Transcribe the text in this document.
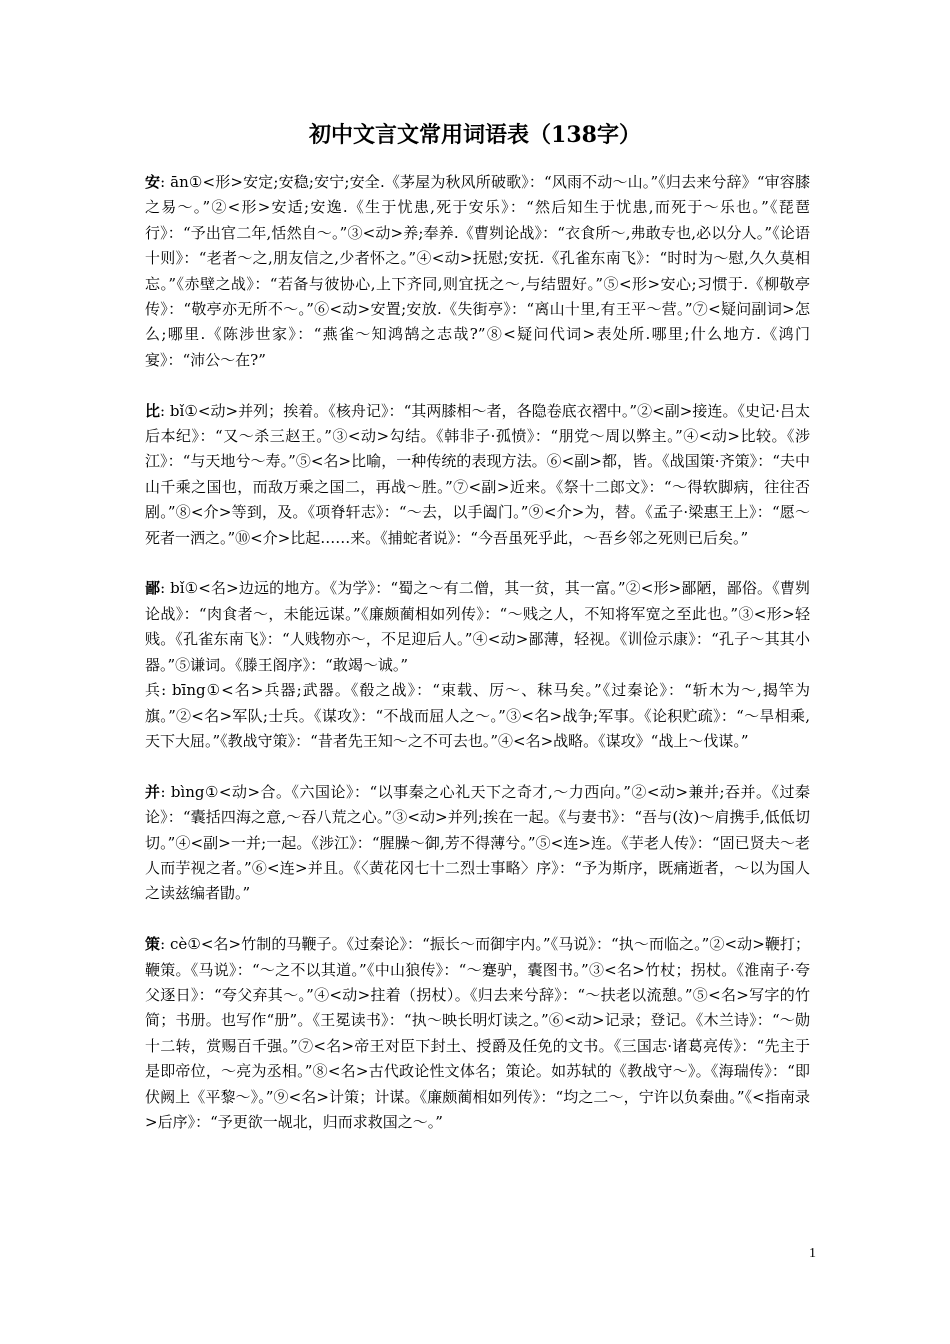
初中文言文常用词语表（138字）

安: ān①<形>安定;安稳;安宁;安全.《茅屋为秋风所破歌》：“风雨不动～山。”《归去来兮辞》“审容膝之易～。”②<形>安适;安逸.《生于忧患,死于安乐》：“然后知生于忧患,而死于～乐也。”《琵琶行》：“予出官二年,恬然自～。”③<动>养;奉养.《曹刿论战》：“衣食所～,弗敢专也,必以分人。”《论语十则》：“老者～之,朋友信之,少者怀之。”④<动>抚慰;安抚.《孔雀东南飞》：“时时为～慰,久久莫相忘。”《赤壁之战》：“若备与彼协心,上下齐同,则宜抚之～,与结盟好。”⑤<形>安心;习惯于.《柳敬亭传》：“敬亭亦无所不～。”⑥<动>安置;安放.《失街亭》：“离山十里,有王平～营。”⑦<疑问副词>怎么;哪里.《陈涉世家》：“燕雀～知鸿鹄之志哉?”⑧<疑问代词>表处所.哪里;什么地方.《鸿门宴》：“沛公～在?”

比: bǐ①<动>并列；挨着。《核舟记》：“其两膝相～者，各隐卷底衣褶中。”②<副>接连。《史记·吕太后本纪》：“又～杀三赵王。”③<动>勾结。《韩非子·孤愤》：“朋党～周以弊主。”④<动>比较。《涉江》：“与天地兮～寿。”⑤<名>比喻，一种传统的表现方法。⑥<副>都，皆。《战国策·齐策》：“夫中山千乘之国也，而敌万乘之国二，再战～胜。”⑦<副>近来。《祭十二郎文》：“～得软脚病，往往否剧。”⑧<介>等到，及。《项脊轩志》：“～去，以手阖门。”⑨<介>为，替。《孟子·梁惠王上》：“愿～死者一洒之。”⑩<介>比起……来。《捕蛇者说》：“今吾虽死乎此，～吾乡邻之死则已后矣。”

鄙: bǐ①<名>边远的地方。《为学》：“蜀之～有二僧，其一贫，其一富。”②<形>鄙陋，鄙俗。《曹刿论战》：“肉食者～，未能远谋。”《廉颇蔺相如列传》：“～贱之人，不知将军宽之至此也。”③<形>轻贱。《孔雀东南飞》：“人贱物亦～，不足迎后人。”④<动>鄙薄，轻视。《训俭示康》：“孔子～其其小器。”⑤谦词。《滕王阁序》：“敢竭～诚。”

兵: bīng①<名>兵器;武器。《殽之战》：“束载、厉～、秣马矣。”《过秦论》：“斩木为～,揭竿为旗。”②<名>军队;士兵。《谋攻》：“不战而屈人之～。”③<名>战争;军事。《论积贮疏》：“～旱相乘,天下大屈。”《教战守策》：“昔者先王知～之不可去也。”④<名>战略。《谋攻》“战上～伐谋。”

并: bìng①<动>合。《六国论》：“以事秦之心礼天下之奇才,～力西向。”②<动>兼并;吞并。《过秦论》：“囊括四海之意,～吞八荒之心。”③<动>并列;挨在一起。《与妻书》：“吾与(汝)～肩携手,低低切切。”④<副>一并;一起。《涉江》：“腥臊～御,芳不得薄兮。”⑤<连>连。《芋老人传》：“固已贤夫～老人而芋视之者。”⑥<连>并且。《〈黄花冈七十二烈士事略〉序》：“予为斯序，既痛逝者，～以为国人之读兹编者勖。”

策: cè①<名>竹制的马鞭子。《过秦论》：“振长～而御宇内。”《马说》：“执～而临之。”②<动>鞭打；鞭策。《马说》：“～之不以其道。”《中山狼传》：“～蹇驴，囊图书。”③<名>竹杖；拐杖。《淮南子·夸父逐日》：“夸父弃其～。”④<动>拄着（拐杖）。《归去来兮辞》：“～扶老以流憩。”⑤<名>写字的竹简；书册。也写作“册”。《王冕读书》：“执～映长明灯读之。”⑥<动>记录；登记。《木兰诗》：“～勋十二转，赏赐百千强。”⑦<名>帝王对臣下封土、授爵及任免的文书。《三国志·诸葛亮传》：“先主于是即帝位，～亮为丞相。”⑧<名>古代政论性文体名；策论。如苏轼的《教战守～》。《海瑞传》：“即伏阙上《平黎～》。”⑨<名>计策；计谋。《廉颇蔺相如列传》：“均之二～，宁许以负秦曲。”《<指南录>后序》：“予更欲一觇北，归而求救国之～。”

1
